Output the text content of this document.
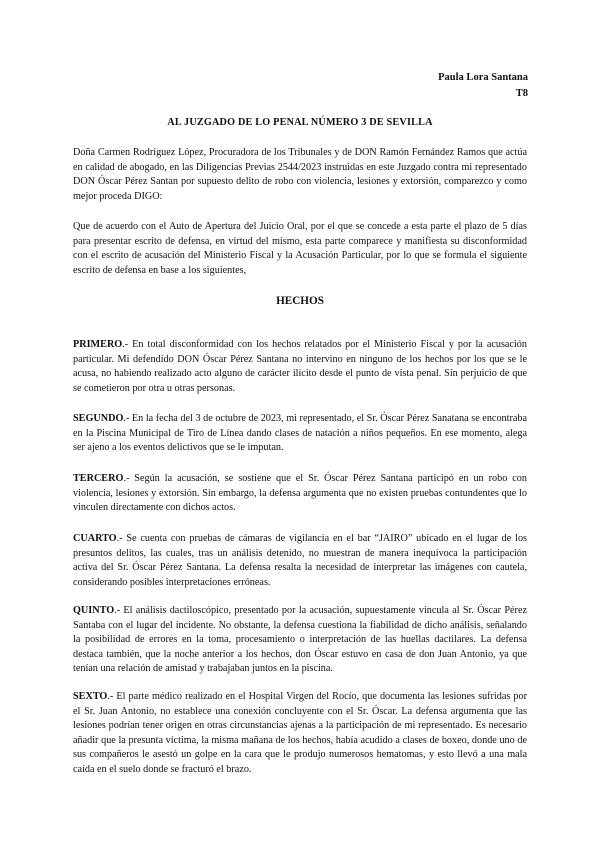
Paula Lora Santana
T8
AL JUZGADO DE LO PENAL NÚMERO 3 DE SEVILLA
Doña Carmen Rodríguez López, Procuradora de los Tribunales y de DON Ramón Fernández Ramos que actúa en calidad de abogado, en las Diligencias Previas 2544/2023 instruidas en este Juzgado contra mi representado DON Óscar Pérez Santan por supuesto delito de robo con violencia, lesiones y extorsión, comparezco y como mejor proceda DIGO:
Que de acuerdo con el Auto de Apertura del Juicio Oral, por el que se concede a esta parte el plazo de 5 días para presentar escrito de defensa, en virtud del mismo, esta parte comparece y manifiesta su disconformidad con el escrito de acusación del Ministerio Fiscal y la Acusación Particular, por lo que se formula el siguiente escrito de defensa en base a los siguientes,
HECHOS
PRIMERO.- En total disconformidad con los hechos relatados por el Ministerio Fiscal y por la acusación particular. Mi defendido DON Óscar Pérez Santana no intervino en ninguno de los hechos por los que se le acusa, no habiendo realizado acto alguno de carácter ilícito desde el punto de vista penal. Sin perjuicio de que se cometieron por otra u otras personas.
SEGUNDO.- En la fecha del 3 de octubre de 2023, mi representado, el Sr. Óscar Pérez Sanatana se encontraba en la Piscina Municipal de Tiro de Línea dando clases de natación a niños pequeños. En ese momento, alega ser ajeno a los eventos delictivos que se le imputan.
TERCERO.- Según la acusación, se sostiene que el Sr. Óscar Pérez Santana participó en un robo con violencia, lesiones y extorsión. Sin embargo, la defensa argumenta que no existen pruebas contundentes que lo vinculen directamente con dichos actos.
CUARTO.- Se cuenta con pruebas de cámaras de vigilancia en el bar “JAIRO” ubicado en el lugar de los presuntos delitos, las cuales, tras un análisis detenido, no muestran de manera inequívoca la participación activa del Sr. Óscar Pérez Santana. La defensa resalta la necesidad de interpretar las imágenes con cautela, considerando posibles interpretaciones erróneas.
QUINTO.- El análisis dactiloscópico, presentado por la acusación, supuestamente vincula al Sr. Óscar Pérez Santaba con el lugar del incidente. No obstante, la defensa cuestiona la fiabilidad de dicho análisis, señalando la posibilidad de errores en la toma, procesamiento o interpretación de las huellas dactilares. La defensa destaca también, que la noche anterior a los hechos, don Óscar estuvo en casa de don Juan Antonio, ya que tenían una relación de amistad y trabajaban juntos en la piscina.
SEXTO.- El parte médico realizado en el Hospital Virgen del Rocío, que documenta las lesiones sufridas por el Sr. Juan Antonio, no establece una conexión concluyente con el Sr. Óscar. La defensa argumenta que las lesiones podrían tener origen en otras circunstancias ajenas a la participación de mi representado. Es necesario añadir que la presunta víctima, la misma mañana de los hechos, había acudido a clases de boxeo, donde uno de sus compañeros le asestó un golpe en la cara que le produjo numerosos hematomas, y esto llevó a una mala caída en el suelo donde se fracturó el brazo.
